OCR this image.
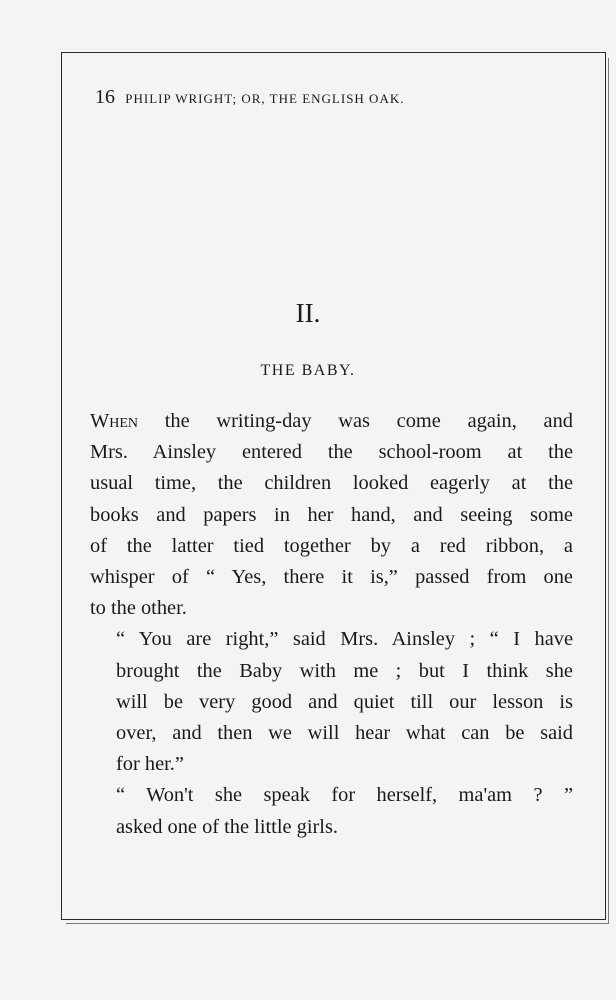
16 PHILIP WRIGHT; OR, THE ENGLISH OAK.
II.
THE BABY.

When the writing-day was come again, and
Mrs. Ainsley entered the school-room at the
usual time, the children looked eagerly at the
books and papers in her hand, and seeing some
of the latter tied together by a red ribbon, a
whisper of “ Yes, there it is,” passed from one
to the other.

“ You are right,” said Mrs. Ainsley ; “ I have
brought the Baby with me ; but I think she
will be very good and quiet till our lesson is
over, and then we will hear what can be said
for her.”

“ Won't she speak for herself, ma'am ? ”
asked one of the little girls.
